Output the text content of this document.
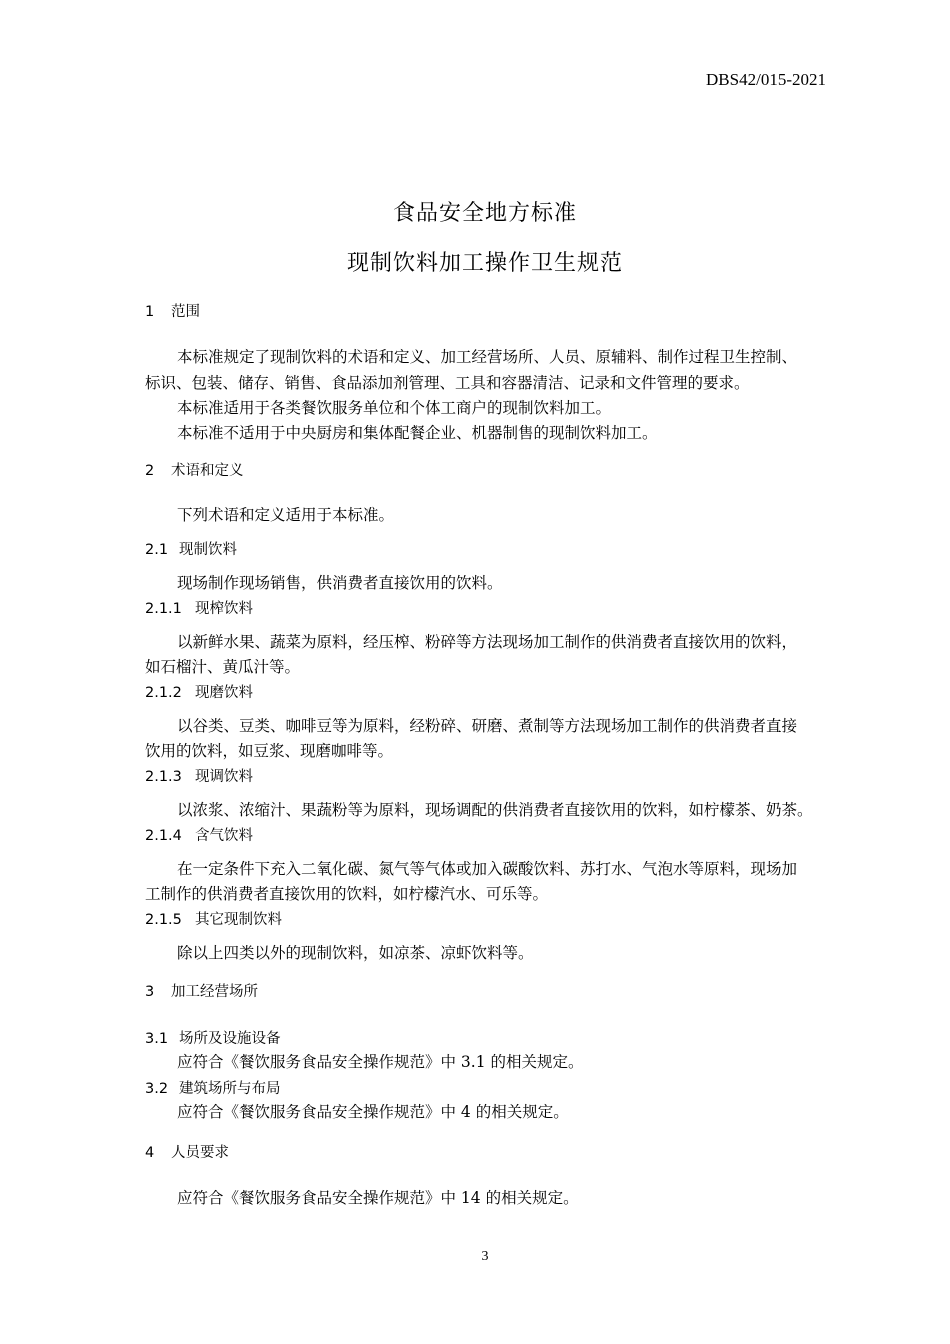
DBS42/015-2021
食品安全地方标准
现制饮料加工操作卫生规范
1 范围
本标准规定了现制饮料的术语和定义、加工经营场所、人员、原辅料、制作过程卫生控制、
标识、包装、储存、销售、食品添加剂管理、工具和容器清洁、记录和文件管理的要求。
本标准适用于各类餐饮服务单位和个体工商户的现制饮料加工。
本标准不适用于中央厨房和集体配餐企业、机器制售的现制饮料加工。
2 术语和定义
下列术语和定义适用于本标准。
2.1 现制饮料
现场制作现场销售，供消费者直接饮用的饮料。
2.1.1 现榨饮料
以新鲜水果、蔬菜为原料，经压榨、粉碎等方法现场加工制作的供消费者直接饮用的饮料，
如石榴汁、黄瓜汁等。
2.1.2 现磨饮料
以谷类、豆类、咖啡豆等为原料，经粉碎、研磨、煮制等方法现场加工制作的供消费者直接
饮用的饮料，如豆浆、现磨咖啡等。
2.1.3 现调饮料
以浓浆、浓缩汁、果蔬粉等为原料，现场调配的供消费者直接饮用的饮料，如柠檬茶、奶茶。
2.1.4 含气饮料
在一定条件下充入二氧化碳、氮气等气体或加入碳酸饮料、苏打水、气泡水等原料，现场加
工制作的供消费者直接饮用的饮料，如柠檬汽水、可乐等。
2.1.5 其它现制饮料
除以上四类以外的现制饮料，如凉茶、凉虾饮料等。
3 加工经营场所
3.1 场所及设施设备
应符合《餐饮服务食品安全操作规范》中 3.1 的相关规定。
3.2 建筑场所与布局
应符合《餐饮服务食品安全操作规范》中 4 的相关规定。
4 人员要求
应符合《餐饮服务食品安全操作规范》中 14 的相关规定。
3
